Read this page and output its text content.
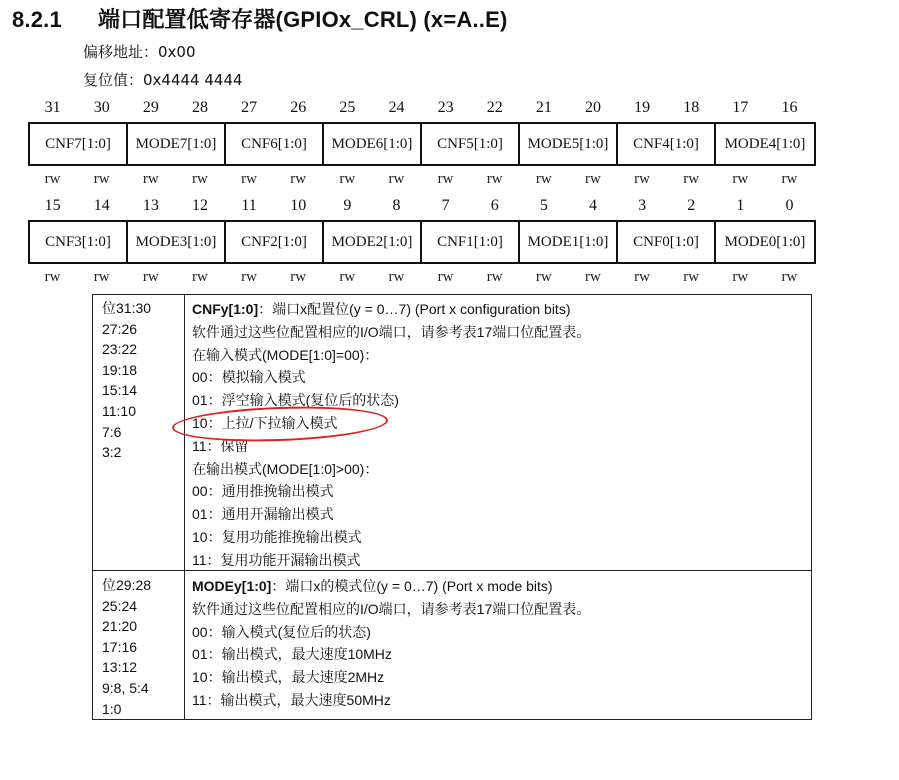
8.2.1 端口配置低寄存器(GPIOx_CRL) (x=A..E)
偏移地址：0x00
复位值：0x4444 4444
31	30	29	28	27	26	25	24	23	22	21	20	19	18	17	16
CNF7[1:0]	MODE7[1:0]	CNF6[1:0]	MODE6[1:0]	CNF5[1:0]	MODE5[1:0]	CNF4[1:0]	MODE4[1:0]
rw	rw	rw	rw	rw	rw	rw	rw	rw	rw	rw	rw	rw	rw	rw	rw
15	14	13	12	11	10	9	8	7	6	5	4	3	2	1	0
CNF3[1:0]	MODE3[1:0]	CNF2[1:0]	MODE2[1:0]	CNF1[1:0]	MODE1[1:0]	CNF0[1:0]	MODE0[1:0]
rw	rw	rw	rw	rw	rw	rw	rw	rw	rw	rw	rw	rw	rw	rw	rw
位31:30
27:26
23:22
19:18
15:14
11:10
7:6
3:2
CNFy[1:0]：端口x配置位(y = 0…7) (Port x configuration bits)
软件通过这些位配置相应的I/O端口，请参考表17端口位配置表。
在输入模式(MODE[1:0]=00)：
00：模拟输入模式
01：浮空输入模式(复位后的状态)
10：上拉/下拉输入模式
11：保留
在输出模式(MODE[1:0]>00)：
00：通用推挽输出模式
01：通用开漏输出模式
10：复用功能推挽输出模式
11：复用功能开漏输出模式
位29:28
25:24
21:20
17:16
13:12
9:8, 5:4
1:0
MODEy[1:0]：端口x的模式位(y = 0…7) (Port x mode bits)
软件通过这些位配置相应的I/O端口，请参考表17端口位配置表。
00：输入模式(复位后的状态)
01：输出模式，最大速度10MHz
10：输出模式，最大速度2MHz
11：输出模式，最大速度50MHz
